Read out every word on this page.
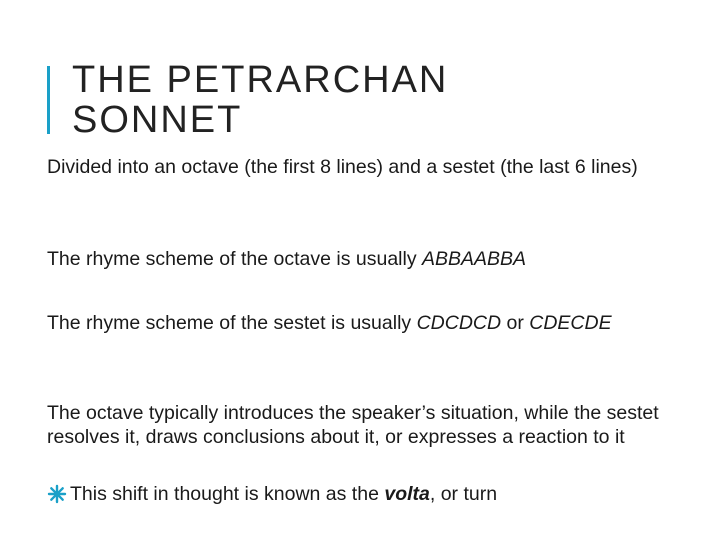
THE PETRARCHAN
SONNET

Divided into an octave (the first 8 lines) and a sestet (the last 6 lines)

The rhyme scheme of the octave is usually ABBAABBA

The rhyme scheme of the sestet is usually CDCDCD or CDECDE

The octave typically introduces the speaker’s situation, while the sestet resolves it, draws conclusions about it, or expresses a reaction to it

This shift in thought is known as the volta, or turn
